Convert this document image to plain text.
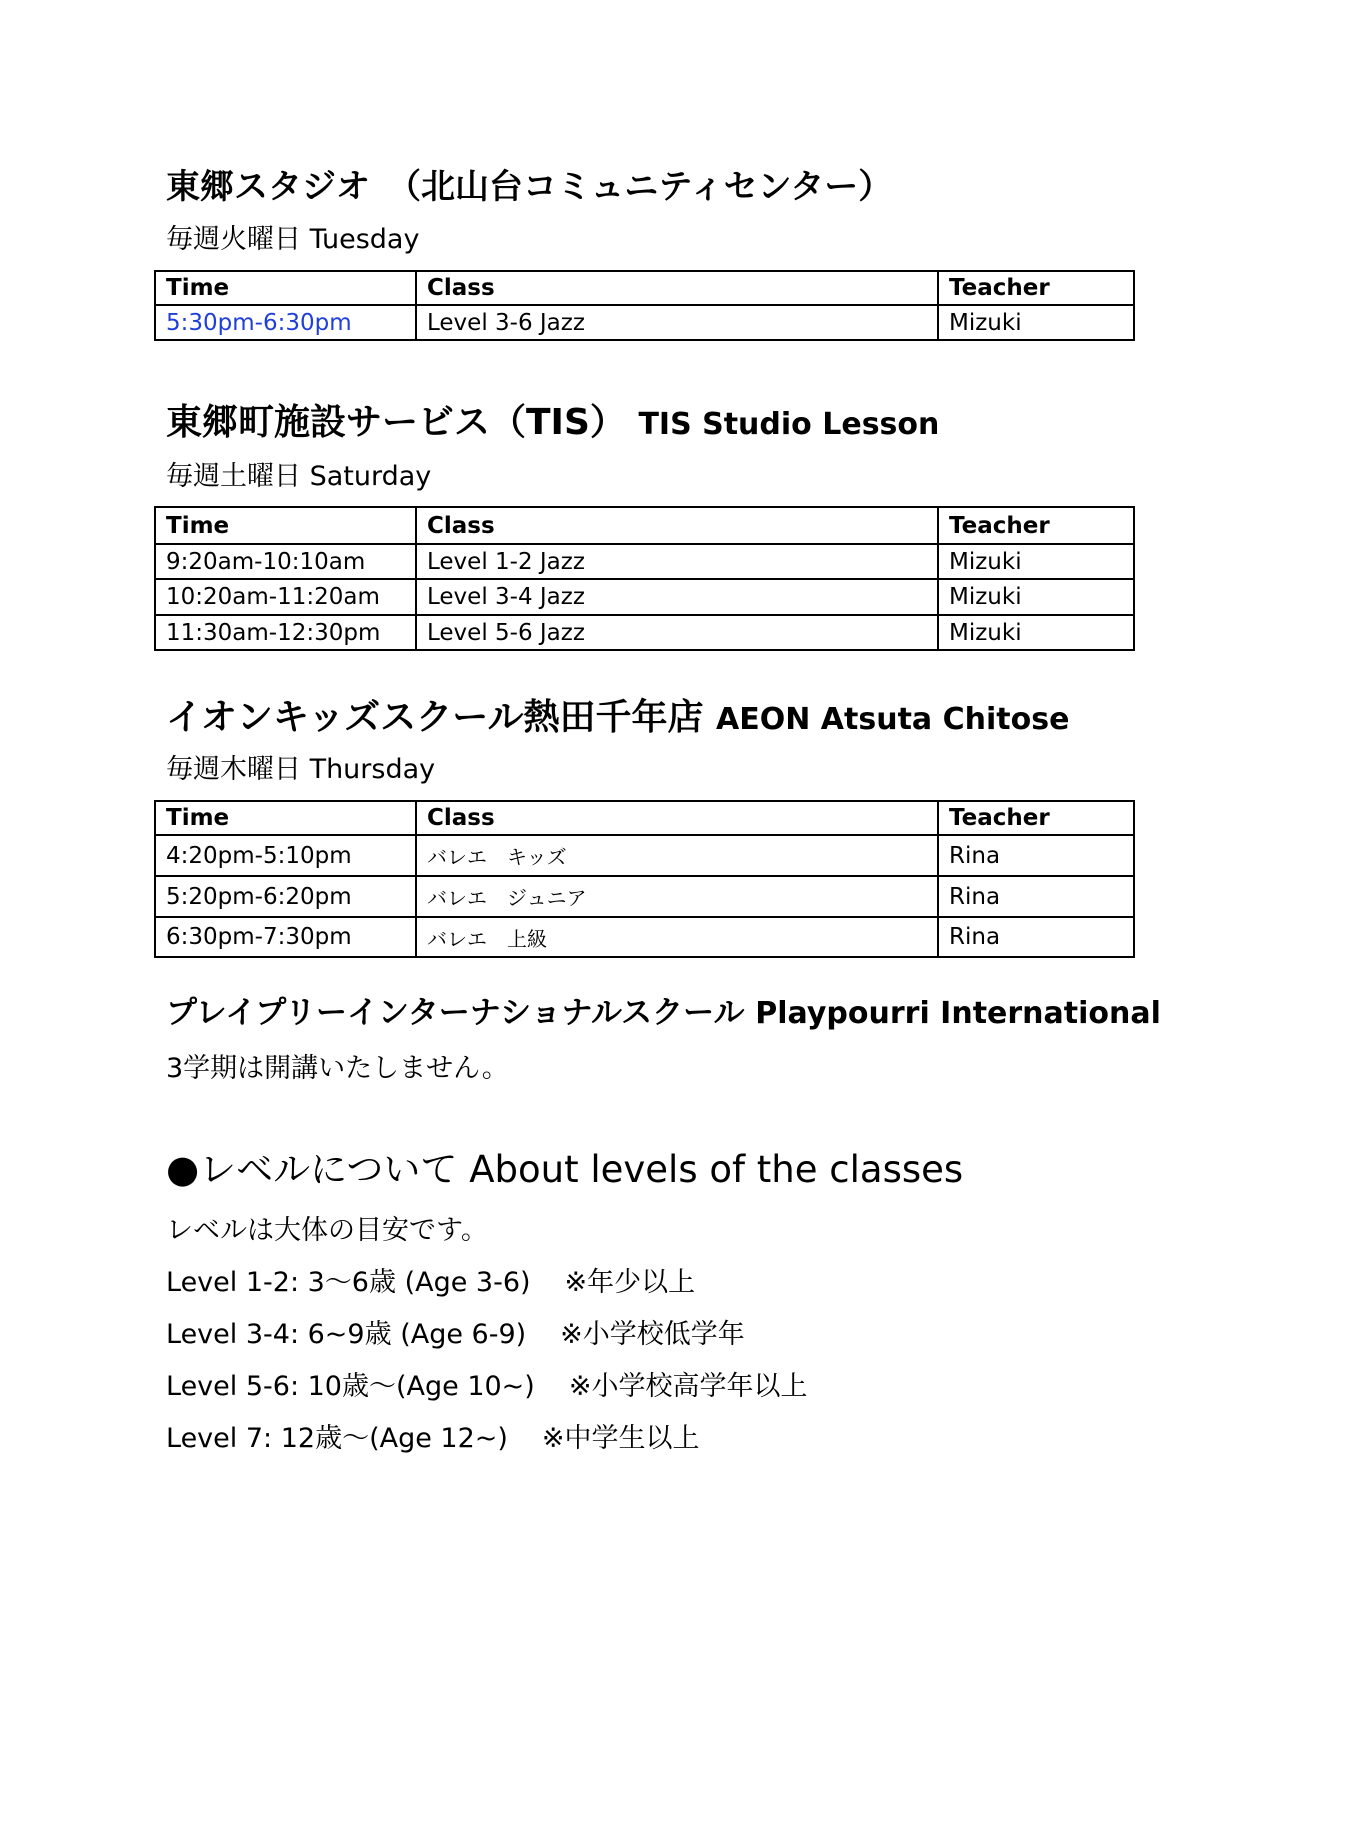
東郷スタジオ　（北山台コミュニティセンター）
毎週火曜日 Tuesday
Time	Class	Teacher
5:30pm-6:30pm	Level 3-6 Jazz	Mizuki
東郷町施設サービス（TIS） TIS Studio Lesson
毎週土曜日 Saturday
Time	Class	Teacher
9:20am-10:10am	Level 1-2 Jazz	Mizuki
10:20am-11:20am	Level 3-4 Jazz	Mizuki
11:30am-12:30pm	Level 5-6 Jazz	Mizuki
イオンキッズスクール熱田千年店 AEON Atsuta Chitose
毎週木曜日 Thursday
Time	Class	Teacher
4:20pm-5:10pm	バレエ　キッズ	Rina
5:20pm-6:20pm	バレエ　ジュニア	Rina
6:30pm-7:30pm	バレエ　上級	Rina
プレイプリーインターナショナルスクール Playpourri International
3学期は開講いたしません。
●レベルについて About levels of the classes
レベルは大体の目安です。
Level 1-2: 3〜6歳 (Age 3-6) ※年少以上
Level 3-4: 6~9歳 (Age 6-9) ※小学校低学年
Level 5-6: 10歳〜(Age 10~) ※小学校高学年以上
Level 7: 12歳〜(Age 12~) ※中学生以上
